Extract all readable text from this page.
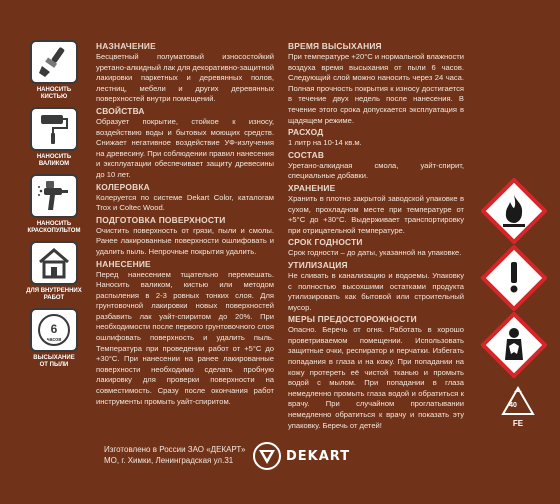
НАНОСИТЬ
КИСТЬЮ
НАНОСИТЬ
ВАЛИКОМ
НАНОСИТЬ
КРАСКОПУЛЬТОМ
ДЛЯ ВНУТРЕННИХ
РАБОТ
6
часов
ВЫСЫХАНИЕ
ОТ ПЫЛИ
НАЗНАЧЕНИЕ
Бесцветный полуматовый износостойкий уретано-алкидный лак для декоративно-защитной лакировки паркетных и деревянных полов, лестниц, мебели и других деревянных поверхностей внутри помещений.
СВОЙСТВА
Образует покрытие, стойкое к износу, воздействию воды и бытовых моющих средств. Снижает негативное воздействие УФ-излучения на древесину. При соблюдении правил нанесения и эксплуатации обеспечивает защиту древесины до 10 лет.
КОЛЕРОВКА
Колеруется по системе Dekart Color, каталогам Trox и Coltec Wood.
ПОДГОТОВКА ПОВЕРХНОСТИ
Очистить поверхность от грязи, пыли и смолы. Ранее лакированные поверхности ошлифовать и удалить пыль. Непрочные покрытия удалить.
НАНЕСЕНИЕ
Перед нанесением тщательно перемешать. Наносить валиком, кистью или методом распыления в 2-3 ровных тонких слоя. Для грунтовочной лакировки новых поверхностей разбавить лак уайт-спиритом до 20%. При необходимости после первого грунтовочного слоя ошлифовать поверхность и удалить пыль. Температура при проведении работ от +5°С до +30°С. При нанесении на ранее лакированные поверхности необходимо сделать пробную лакировку для проверки поверхности на совместимость. Сразу после окончания работ инструменты промыть уайт-спиритом.
ВРЕМЯ ВЫСЫХАНИЯ
При температуре +20°С и нормальной влажности воздуха время высыхания от пыли 6 часов. Следующий слой можно наносить через 24 часа. Полная прочность покрытия к износу достигается в течение двух недель после нанесения. В течение этого срока допускается эксплуатация в щадящем режиме.
РАСХОД
1 литр на 10-14 кв.м.
СОСТАВ
Уретано-алкидная смола, уайт-спирит, специальные добавки.
ХРАНЕНИЕ
Хранить в плотно закрытой заводской упаковке в сухом, прохладном месте при температуре от +5°С до +30°С. Выдерживает транспортировку при отрицательной температуре.
СРОК ГОДНОСТИ
Срок годности – до даты, указанной на упаковке.
УТИЛИЗАЦИЯ
Не сливать в канализацию и водоемы. Упаковку с полностью высохшими остатками продукта утилизировать как бытовой или строительный мусор.
МЕРЫ ПРЕДОСТОРОЖНОСТИ
Опасно. Беречь от огня. Работать в хорошо проветриваемом помещении. Использовать защитные очки, респиратор и перчатки. Избегать попадания в глаза и на кожу. При попадании на кожу протереть её чистой тканью и промыть водой с мылом. При попадании в глаза немедленно промыть глаза водой и обратиться к врачу. При случайном проглатывании немедленно обратиться к врачу и показать эту упаковку. Беречь от детей!
40
FE
Изготовлено в России ЗАО «ДЕКАРТ»
МО, г. Химки, Ленинградская ул.31	DEKART
